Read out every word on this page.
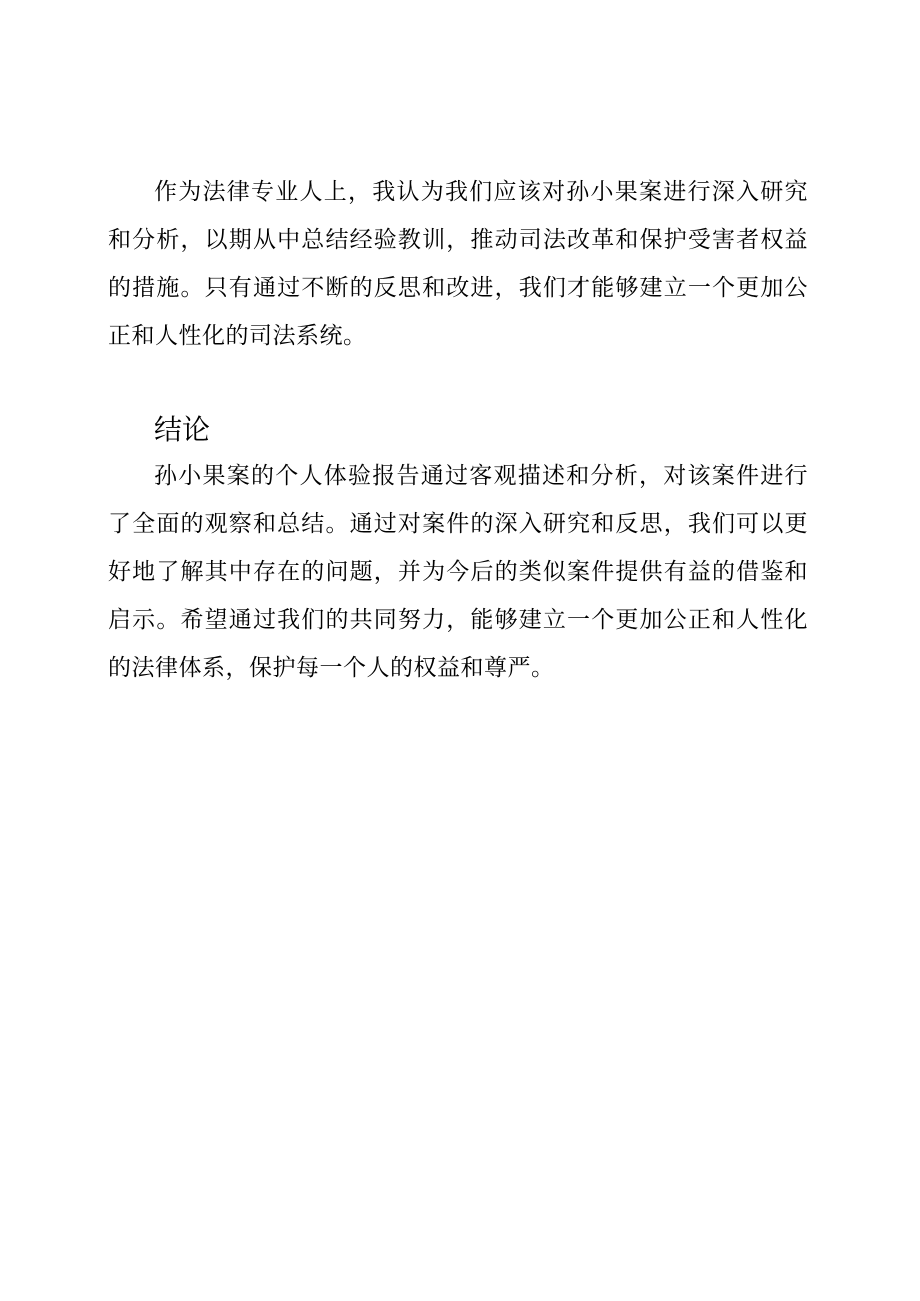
作为法律专业人上，我认为我们应该对孙小果案进行深入研究和分析，以期从中总结经验教训，推动司法改革和保护受害者权益的措施。只有通过不断的反思和改进，我们才能够建立一个更加公正和人性化的司法系统。

结论

孙小果案的个人体验报告通过客观描述和分析，对该案件进行了全面的观察和总结。通过对案件的深入研究和反思，我们可以更好地了解其中存在的问题，并为今后的类似案件提供有益的借鉴和启示。希望通过我们的共同努力，能够建立一个更加公正和人性化的法律体系，保护每一个人的权益和尊严。
